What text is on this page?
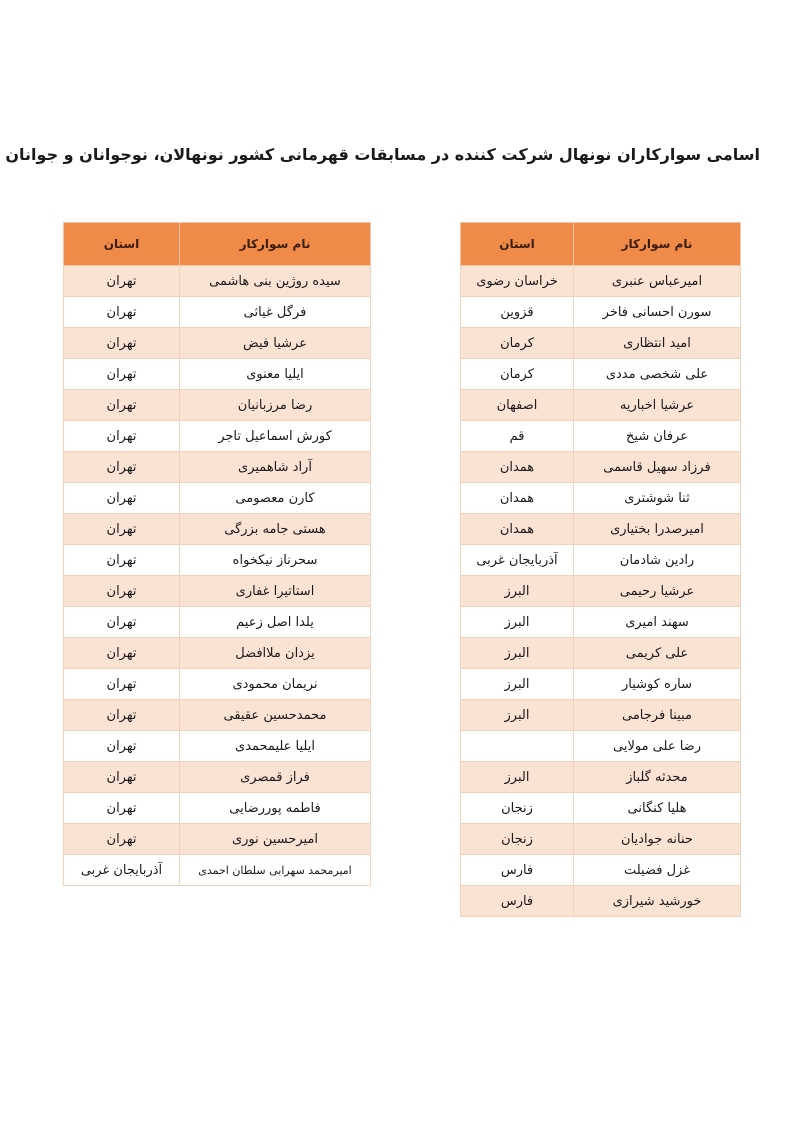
اسامی سوارکاران نونهال شرکت کننده در مسابقات قهرمانی کشور نونهالان، نوجوانان و جوانان
نام سوارکار	استان
امیرعباس عنبری	خراسان رضوی
سورن احسانی فاخر	قزوین
امید انتظاری	کرمان
علی شخصی مددی	کرمان
عرشیا اخباریه	اصفهان
عرفان شیخ	قم
فرزاد سهیل قاسمی	همدان
ثنا شوشتری	همدان
امیرصدرا بختیاری	همدان
رادین شادمان	آذربایجان غربی
عرشیا رحیمی	البرز
سهند امیری	البرز
علی کریمی	البرز
ساره کوشیار	البرز
مبینا فرجامی	البرز
رضا علی مولایی	
محدثه گلباز	البرز
هلیا کنگانی	زنجان
حنانه جوادیان	زنجان
غزل فضیلت	فارس
خورشید شیرازی	فارس
نام سوارکار	استان
سیده روژین بنی هاشمی	تهران
فرگل غیاثی	تهران
عرشیا فیض	تهران
ایلیا معنوی	تهران
رضا مرزبانیان	تهران
کورش اسماعیل تاجر	تهران
آراد شاهمیری	تهران
کارن معصومی	تهران
هستی جامه بزرگی	تهران
سحرناز نیکخواه	تهران
استاتیرا غفاری	تهران
یلدا اصل زعیم	تهران
یزدان ملاافضل	تهران
نریمان محمودی	تهران
محمدحسین عقیقی	تهران
ایلیا علیمحمدی	تهران
فراز قمصری	تهران
فاطمه پوررضایی	تهران
امیرحسین نوری	تهران
امیرمحمد سهرابی سلطان احمدی	آذربایجان غربی
